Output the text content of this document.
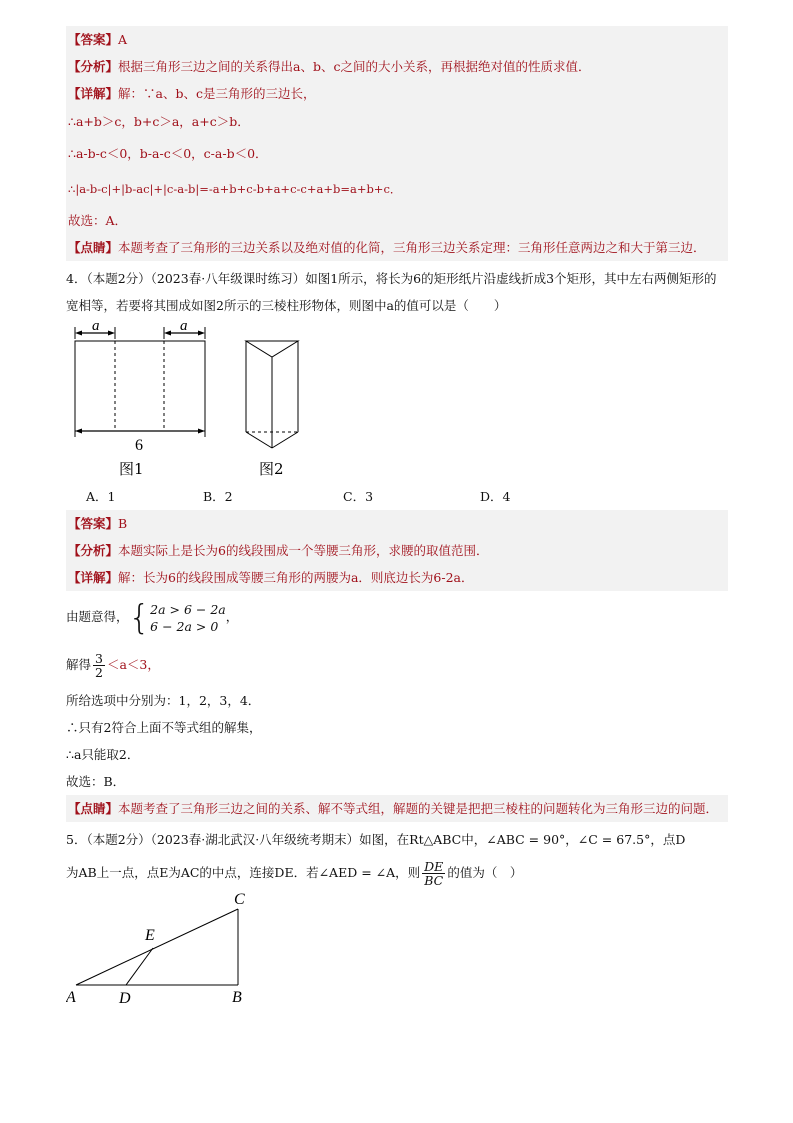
【答案】A
【分析】根据三角形三边之间的关系得出a、b、c之间的大小关系，再根据绝对值的性质求值．
【详解】解：∵a、b、c是三角形的三边长，
∴a+b＞c，b+c＞a，a+c＞b．
∴a-b-c＜0，b-a-c＜0，c-a-b＜0．
∴|a-b-c|+|b-ac|+|c-a-b|=-a+b+c-b+a+c-c+a+b=a+b+c．
故选：A．
【点睛】本题考查了三角形的三边关系以及绝对值的化简，三角形三边关系定理：三角形任意两边之和大于第三边．
4．（本题2分）（2023春·八年级课时练习）如图1所示，将长为6的矩形纸片沿虚线折成3个矩形，其中左右两侧矩形的宽相等，若要将其围成如图2所示的三棱柱形物体，则图中a的值可以是（　　）
a	a
6
图1	图2
A．1	B．2	C．3	D．4
【答案】B
【分析】本题实际上是长为6的线段围成一个等腰三角形，求腰的取值范围．
【详解】解：长为6的线段围成等腰三角形的两腰为a．则底边长为6-2a．
由题意得， { 2a > 6 − 2a
6 − 2a > 0
，
解得 $\frac{3}{2} <a<3$，
所给选项中分别为：1，2，3，4．
∴只有2符合上面不等式组的解集，
∴a只能取2．
故选：B．
【点睛】本题考查了三角形三边之间的关系、解不等式组，解题的关键是把把三棱柱的问题转化为三角形三边的问题．
5．（本题2分）（2023春·湖北武汉·八年级统考期末）如图，在Rt△ABC中，∠ABC = 90°，∠C = 67.5°，点D
为AB上一点，点E为AC的中点，连接DE．若∠AED = ∠A，则 $\frac{DE}{BC}$ 的值为（　）
C
E
A	D	B
